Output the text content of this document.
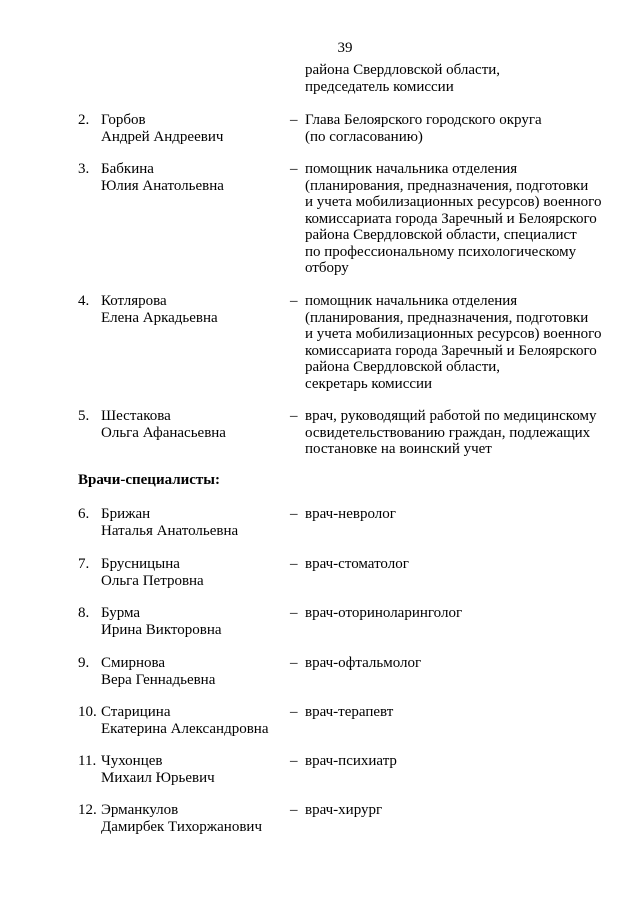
39
района Свердловской области,
председатель комиссии
2. Горбов
Андрей Андреевич
– Глава Белоярского городского округа
(по согласованию)
3. Бабкина
Юлия Анатольевна
– помощник начальника отделения
(планирования, предназначения, подготовки
и учета мобилизационных ресурсов) военного
комиссариата города Заречный и Белоярского
района Свердловской области, специалист
по профессиональному психологическому
отбору
4. Котлярова
Елена Аркадьевна
– помощник начальника отделения
(планирования, предназначения, подготовки
и учета мобилизационных ресурсов) военного
комиссариата города Заречный и Белоярского
района Свердловской области,
секретарь комиссии
5. Шестакова
Ольга Афанасьевна
– врач, руководящий работой по медицинскому
освидетельствованию граждан, подлежащих
постановке на воинский учет
Врачи-специалисты:
6. Брижан
Наталья Анатольевна
– врач-невролог
7. Брусницына
Ольга Петровна
– врач-стоматолог
8. Бурма
Ирина Викторовна
– врач-оториноларинголог
9. Смирнова
Вера Геннадьевна
– врач-офтальмолог
10. Старицина
Екатерина Александровна
– врач-терапевт
11. Чухонцев
Михаил Юрьевич
– врач-психиатр
12. Эрманкулов
Дамирбек Тихоржанович
– врач-хирург
